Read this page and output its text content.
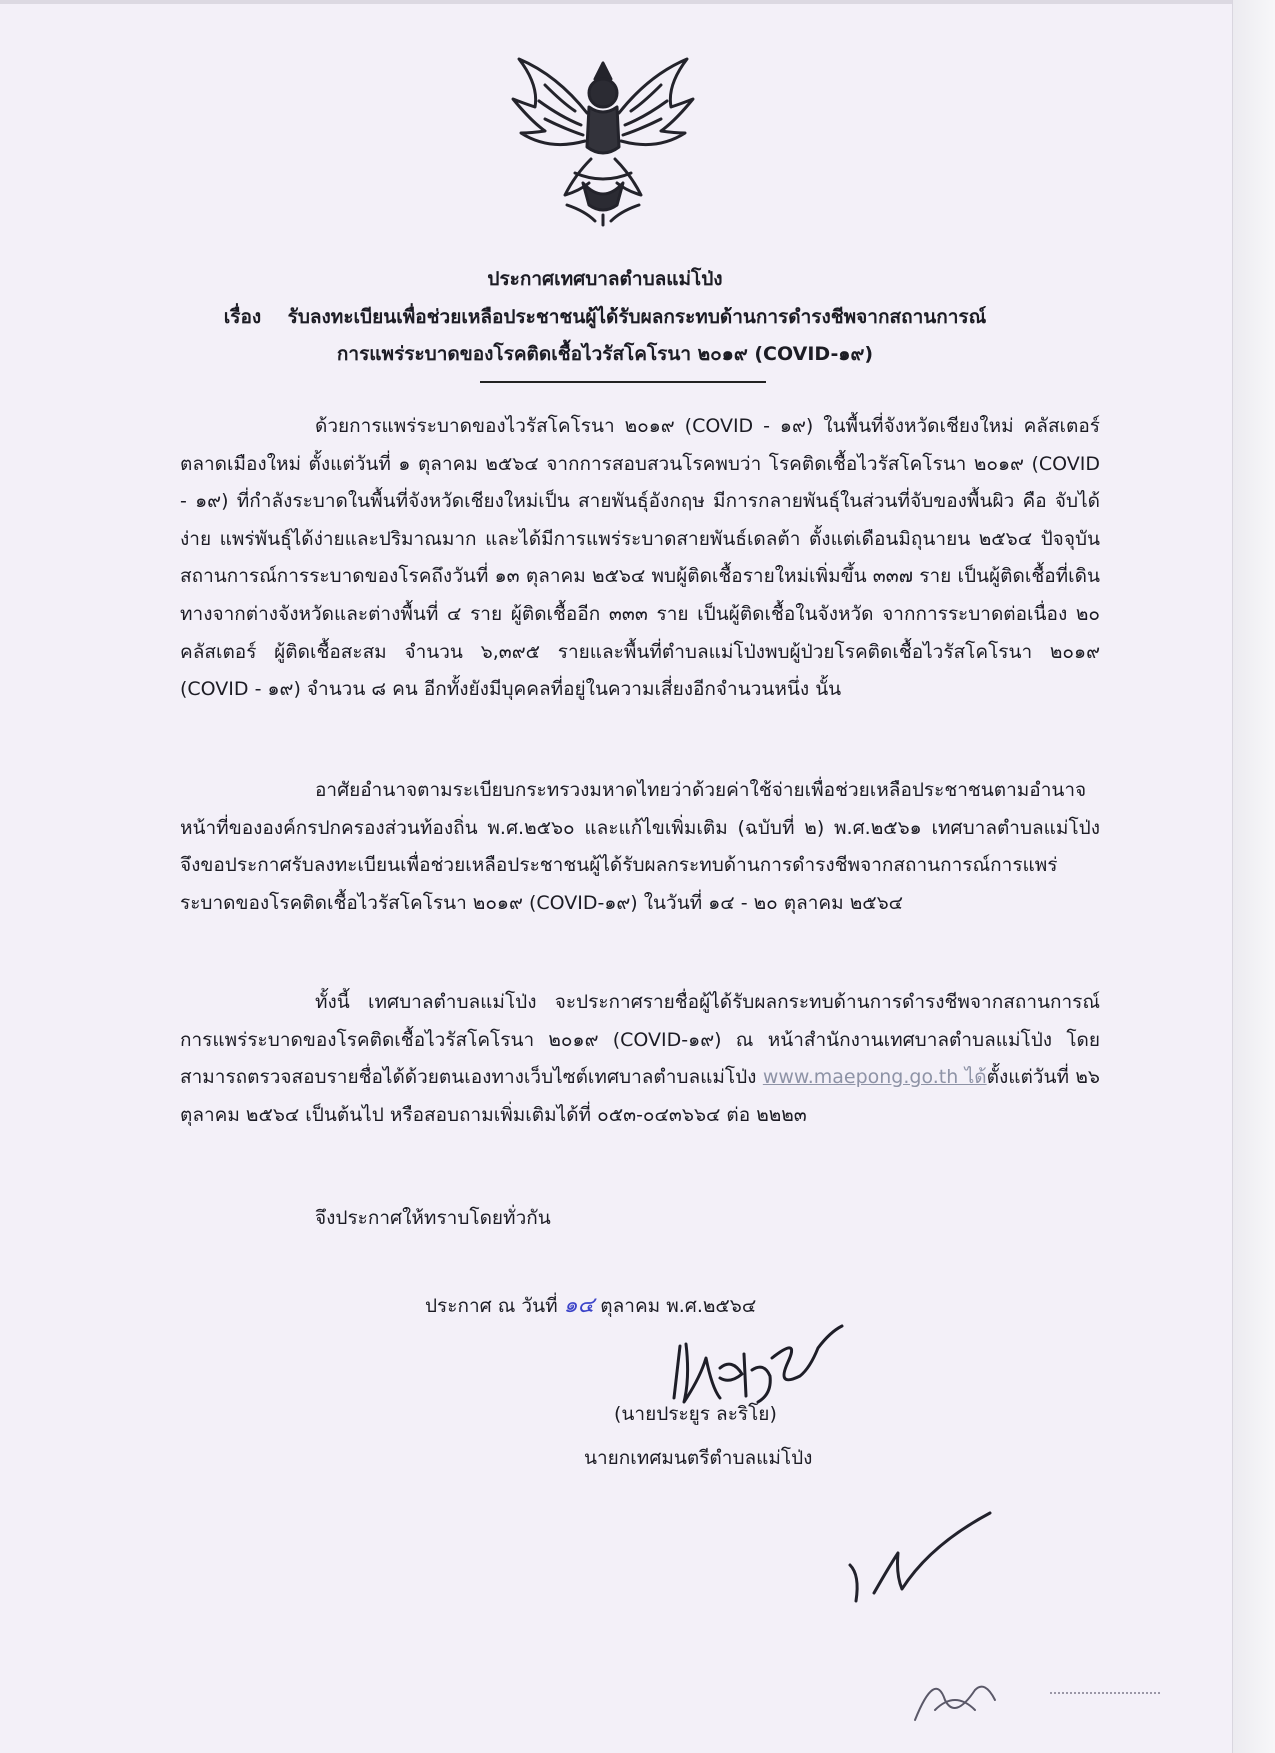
ประกาศเทศบาลตำบลแม่โป่ง
เรื่อง รับลงทะเบียนเพื่อช่วยเหลือประชาชนผู้ได้รับผลกระทบด้านการดำรงชีพจากสถานการณ์
การแพร่ระบาดของโรคติดเชื้อไวรัสโคโรนา ๒๐๑๙ (COVID-๑๙)
ด้วยการแพร่ระบาดของไวรัสโคโรนา ๒๐๑๙ (COVID - ๑๙) ในพื้นที่จังหวัดเชียงใหม่ คลัสเตอร์ตลาดเมืองใหม่ ตั้งแต่วันที่ ๑ ตุลาคม ๒๕๖๔ จากการสอบสวนโรคพบว่า โรคติดเชื้อไวรัสโคโรนา ๒๐๑๙ (COVID - ๑๙) ที่กำลังระบาดในพื้นที่จังหวัดเชียงใหม่เป็น สายพันธุ์อังกฤษ มีการกลายพันธุ์ในส่วนที่จับของพื้นผิว คือ จับได้ง่าย แพร่พันธุ์ได้ง่ายและปริมาณมาก และได้มีการแพร่ระบาดสายพันธ์เดลต้า ตั้งแต่เดือนมิถุนายน ๒๕๖๔ ปัจจุบันสถานการณ์การระบาดของโรคถึงวันที่ ๑๓ ตุลาคม ๒๕๖๔ พบผู้ติดเชื้อรายใหม่เพิ่มขึ้น ๓๓๗ ราย เป็นผู้ติดเชื้อที่เดินทางจากต่างจังหวัดและต่างพื้นที่ ๔ ราย ผู้ติดเชื้ออีก ๓๓๓ ราย เป็นผู้ติดเชื้อในจังหวัด จากการระบาดต่อเนื่อง ๒๐ คลัสเตอร์ ผู้ติดเชื้อสะสม จำนวน ๖,๓๙๕ รายและพื้นที่ตำบลแม่โป่งพบผู้ป่วยโรคติดเชื้อไวรัสโคโรนา ๒๐๑๙ (COVID - ๑๙) จำนวน ๘ คน อีกทั้งยังมีบุคคลที่อยู่ในความเสี่ยงอีกจำนวนหนึ่ง นั้น
อาศัยอำนาจตามระเบียบกระทรวงมหาดไทยว่าด้วยค่าใช้จ่ายเพื่อช่วยเหลือประชาชนตามอำนาจหน้าที่ขององค์กรปกครองส่วนท้องถิ่น พ.ศ.๒๕๖๐ และแก้ไขเพิ่มเติม (ฉบับที่ ๒) พ.ศ.๒๕๖๑ เทศบาลตำบลแม่โป่ง จึงขอประกาศรับลงทะเบียนเพื่อช่วยเหลือประชาชนผู้ได้รับผลกระทบด้านการดำรงชีพจากสถานการณ์การแพร่ระบาดของโรคติดเชื้อไวรัสโคโรนา ๒๐๑๙ (COVID-๑๙) ในวันที่ ๑๔ - ๒๐ ตุลาคม ๒๕๖๔
ทั้งนี้ เทศบาลตำบลแม่โป่ง จะประกาศรายชื่อผู้ได้รับผลกระทบด้านการดำรงชีพจากสถานการณ์การแพร่ระบาดของโรคติดเชื้อไวรัสโคโรนา ๒๐๑๙ (COVID-๑๙) ณ หน้าสำนักงานเทศบาลตำบลแม่โป่ง โดยสามารถตรวจสอบรายชื่อได้ด้วยตนเองทางเว็บไซต์เทศบาลตำบลแม่โป่ง www.maepong.go.th ได้ตั้งแต่วันที่ ๒๖ ตุลาคม ๒๕๖๔ เป็นต้นไป หรือสอบถามเพิ่มเติมได้ที่ ๐๕๓-๐๔๓๖๖๔ ต่อ ๒๒๒๓
จึงประกาศให้ทราบโดยทั่วกัน
ประกาศ ณ วันที่ ๑๔ ตุลาคม พ.ศ.๒๕๖๔
(นายประยูร ละริโย)
นายกเทศมนตรีตำบลแม่โป่ง
